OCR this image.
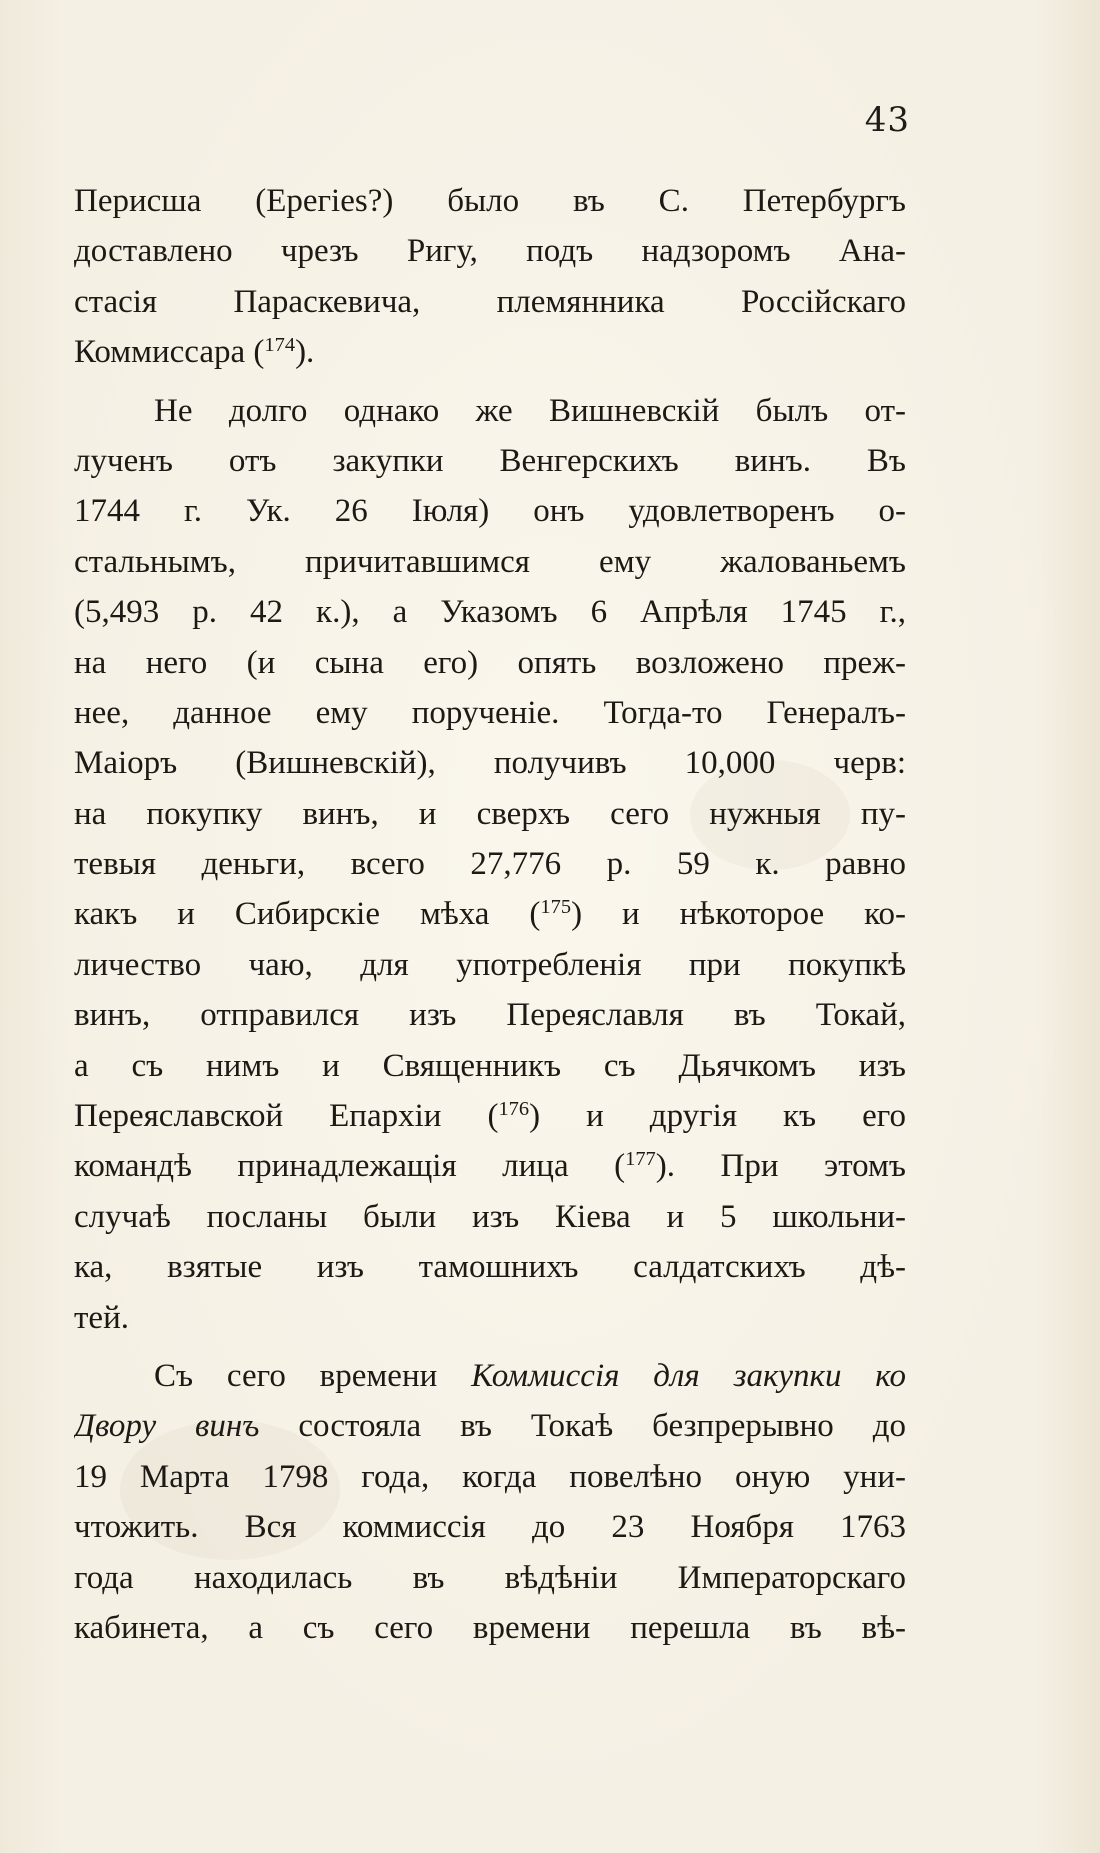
43
Перисша (Epeгies?) было въ С. Петербургъ
доставлено чрезъ Ригу, подъ надзоромъ Ана-
стасія Параскевича, племянника Россійскаго
Коммиссара ($^{174}$).
Не долго однако же Вишневскій былъ от-
лученъ отъ закупки Венгерскихъ винъ. Въ
1744 г. Ук. 26 Іюля) онъ удовлетворенъ о-
стальнымъ, причитавшимся ему жалованьемъ
(5,493 р. 42 к.), а Указомъ 6 Апрѣля 1745 г.,
на него (и сына его) опять возложено преж-
нее, данное ему порученіе. Тогда-то Генералъ-
Маіоръ (Вишневскій), получивъ 10,000 черв:
на покупку винъ, и сверхъ сего нужныя пу-
тевыя деньги, всего 27,776 р. 59 к. равно
какъ и Сибирскіе мѣха ($^{175}$) и нѣкоторое ко-
личество чаю, для употребленія при покупкѣ
винъ, отправился изъ Переяславля въ Токай,
а съ нимъ и Священникъ съ Дьячкомъ изъ
Переяславской Епархіи ($^{176}$) и другія къ его
командѣ принадлежащія лица ($^{177}$). При этомъ
случаѣ посланы были изъ Кіева и 5 школьни-
ка, взятые изъ тамошнихъ салдатскихъ дѣ-
тей.
Съ сего времени Коммиссія для закупки ко
Двору винъ состояла въ Токаѣ безпрерывно до
19 Марта 1798 года, когда повелѣно оную уни-
чтожить. Вся коммиссія до 23 Ноября 1763
года находилась въ вѣдѣніи Императорскаго
кабинета, а съ сего времени перешла въ вѣ-
